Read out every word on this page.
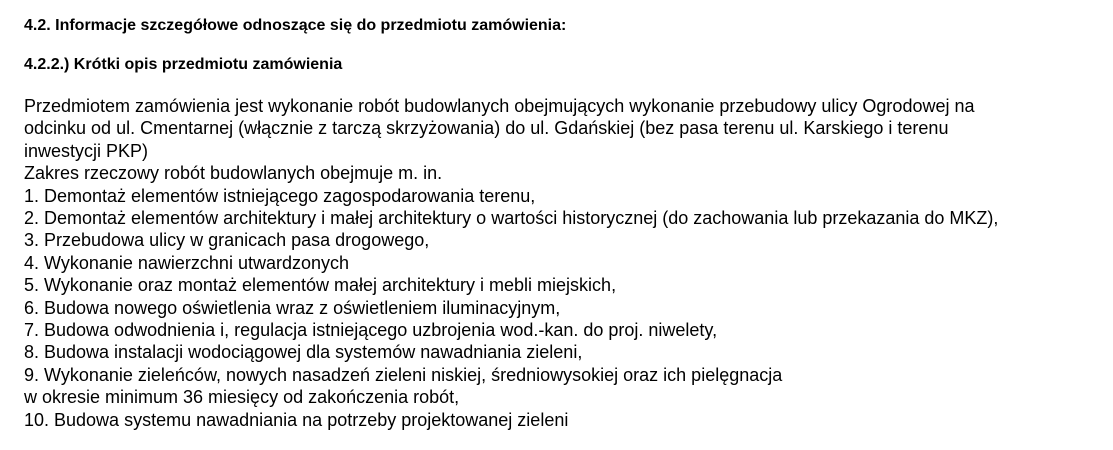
4.2. Informacje szczegółowe odnoszące się do przedmiotu zamówienia:

4.2.2.) Krótki opis przedmiotu zamówienia

Przedmiotem zamówienia jest wykonanie robót budowlanych obejmujących wykonanie przebudowy ulicy Ogrodowej na
odcinku od ul. Cmentarnej (włącznie z tarczą skrzyżowania) do ul. Gdańskiej (bez pasa terenu ul. Karskiego i terenu
inwestycji PKP)
Zakres rzeczowy robót budowlanych obejmuje m. in.
1. Demontaż elementów istniejącego zagospodarowania terenu,
2. Demontaż elementów architektury i małej architektury o wartości historycznej (do zachowania lub przekazania do MKZ),
3. Przebudowa ulicy w granicach pasa drogowego,
4. Wykonanie nawierzchni utwardzonych
5. Wykonanie oraz montaż elementów małej architektury i mebli miejskich,
6. Budowa nowego oświetlenia wraz z oświetleniem iluminacyjnym,
7. Budowa odwodnienia i, regulacja istniejącego uzbrojenia wod.-kan. do proj. niwelety,
8. Budowa instalacji wodociągowej dla systemów nawadniania zieleni,
9. Wykonanie zieleńców, nowych nasadzeń zieleni niskiej, średniowysokiej oraz ich pielęgnacja
w okresie minimum 36 miesięcy od zakończenia robót,
10. Budowa systemu nawadniania na potrzeby projektowanej zieleni
